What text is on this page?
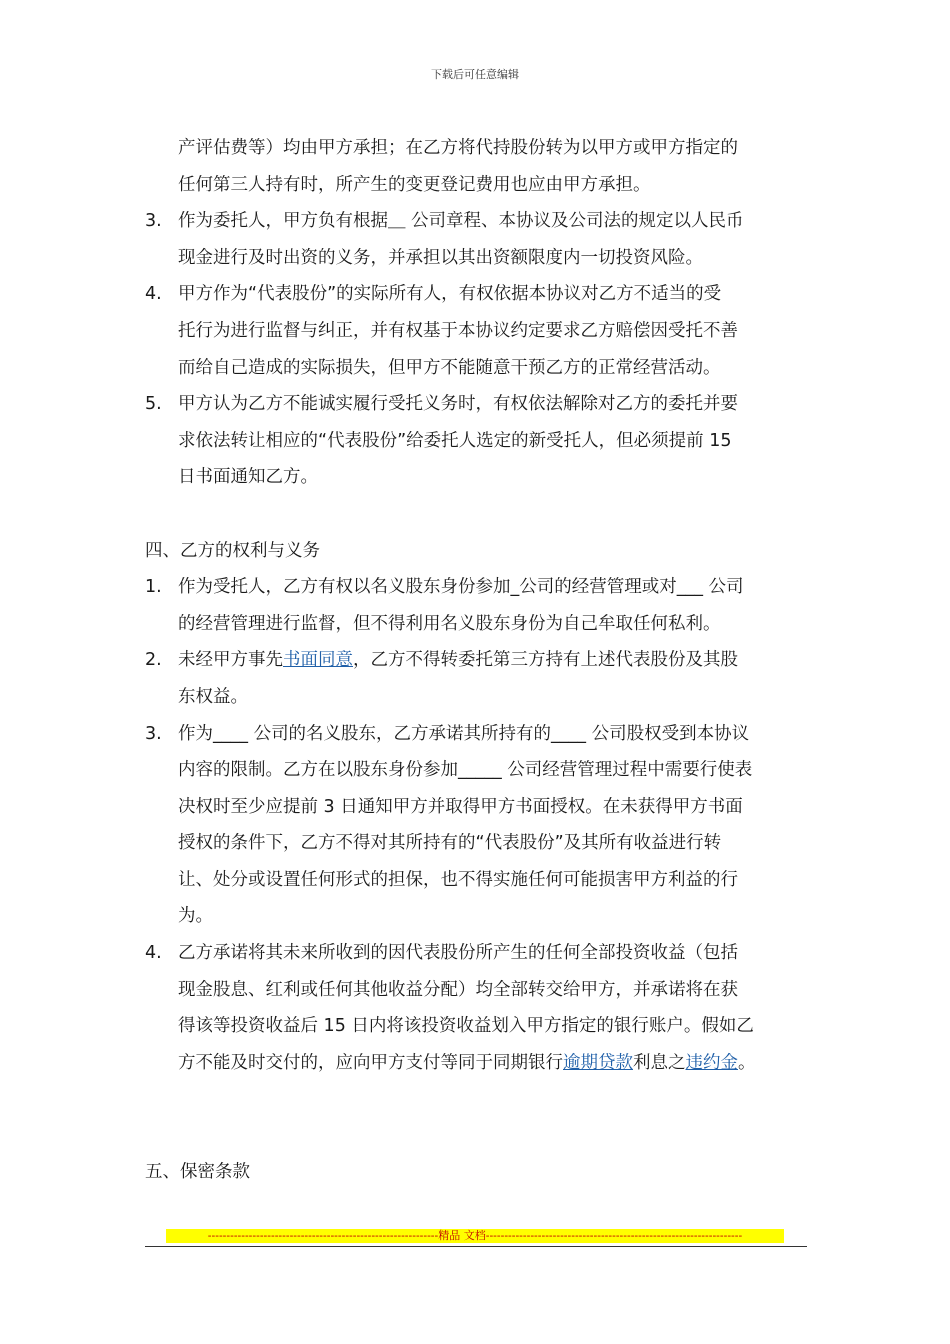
下载后可任意编辑
产评估费等）均由甲方承担；在乙方将代持股份转为以甲方或甲方指定的
任何第三人持有时，所产生的变更登记费用也应由甲方承担。
3. 作为委托人，甲方负有根据＿ 公司章程、本协议及公司法的规定以人民币
现金进行及时出资的义务，并承担以其出资额限度内一切投资风险。
4. 甲方作为“代表股份”的实际所有人，有权依据本协议对乙方不适当的受
托行为进行监督与纠正，并有权基于本协议约定要求乙方赔偿因受托不善
而给自己造成的实际损失，但甲方不能随意干预乙方的正常经营活动。
5. 甲方认为乙方不能诚实履行受托义务时，有权依法解除对乙方的委托并要
求依法转让相应的“代表股份”给委托人选定的新受托人，但必须提前 15
日书面通知乙方。
四、乙方的权利与义务
1. 作为受托人，乙方有权以名义股东身份参加_公司的经营管理或对___ 公司
的经营管理进行监督，但不得利用名义股东身份为自己牟取任何私利。
2. 未经甲方事先书面同意，乙方不得转委托第三方持有上述代表股份及其股
东权益。
3. 作为____ 公司的名义股东，乙方承诺其所持有的____ 公司股权受到本协议
内容的限制。乙方在以股东身份参加_____ 公司经营管理过程中需要行使表
决权时至少应提前 3 日通知甲方并取得甲方书面授权。在未获得甲方书面
授权的条件下，乙方不得对其所持有的“代表股份”及其所有收益进行转
让、处分或设置任何形式的担保，也不得实施任何可能损害甲方利益的行
为。
4. 乙方承诺将其未来所收到的因代表股份所产生的任何全部投资收益（包括
现金股息、红利或任何其他收益分配）均全部转交给甲方，并承诺将在获
得该等投资收益后 15 日内将该投资收益划入甲方指定的银行账户。假如乙
方不能及时交付的，应向甲方支付等同于同期银行逾期贷款利息之违约金。
五、保密条款
--------------------------------------------------------------精品 文档---------------------------------------------------------------------
